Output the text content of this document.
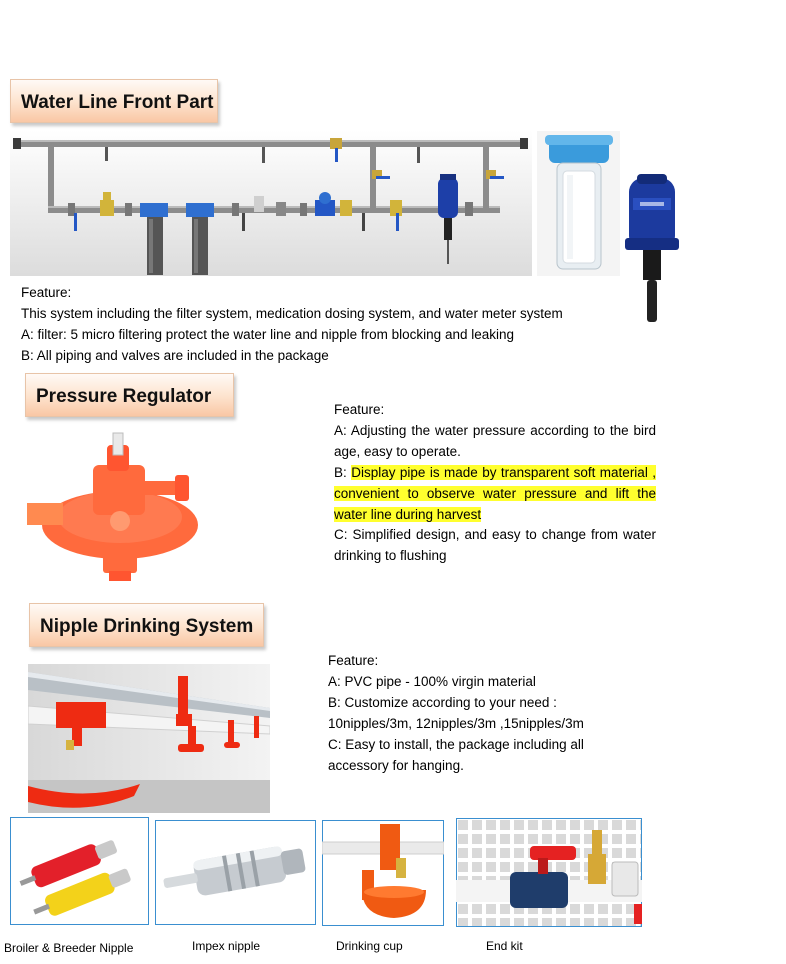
Water Line Front Part
Feature:
This system including the filter system, medication dosing system, and water meter system
A: filter: 5 micro filtering protect the water line and nipple from blocking and leaking
B: All piping and valves are included in the package
Pressure Regulator
Feature:
A: Adjusting the water pressure according to the bird age, easy to operate.
B: Display pipe is made by transparent soft material , convenient to observe water pressure and lift the water line during harvest
C: Simplified design, and easy to change from water drinking to flushing
Nipple Drinking System
Feature:
A: PVC pipe - 100% virgin material
B: Customize according to your need :
10nipples/3m, 12nipples/3m ,15nipples/3m
C: Easy to install, the package including all
accessory for hanging.
Broiler & Breeder Nipple	Impex nipple	Drinking cup	End kit
